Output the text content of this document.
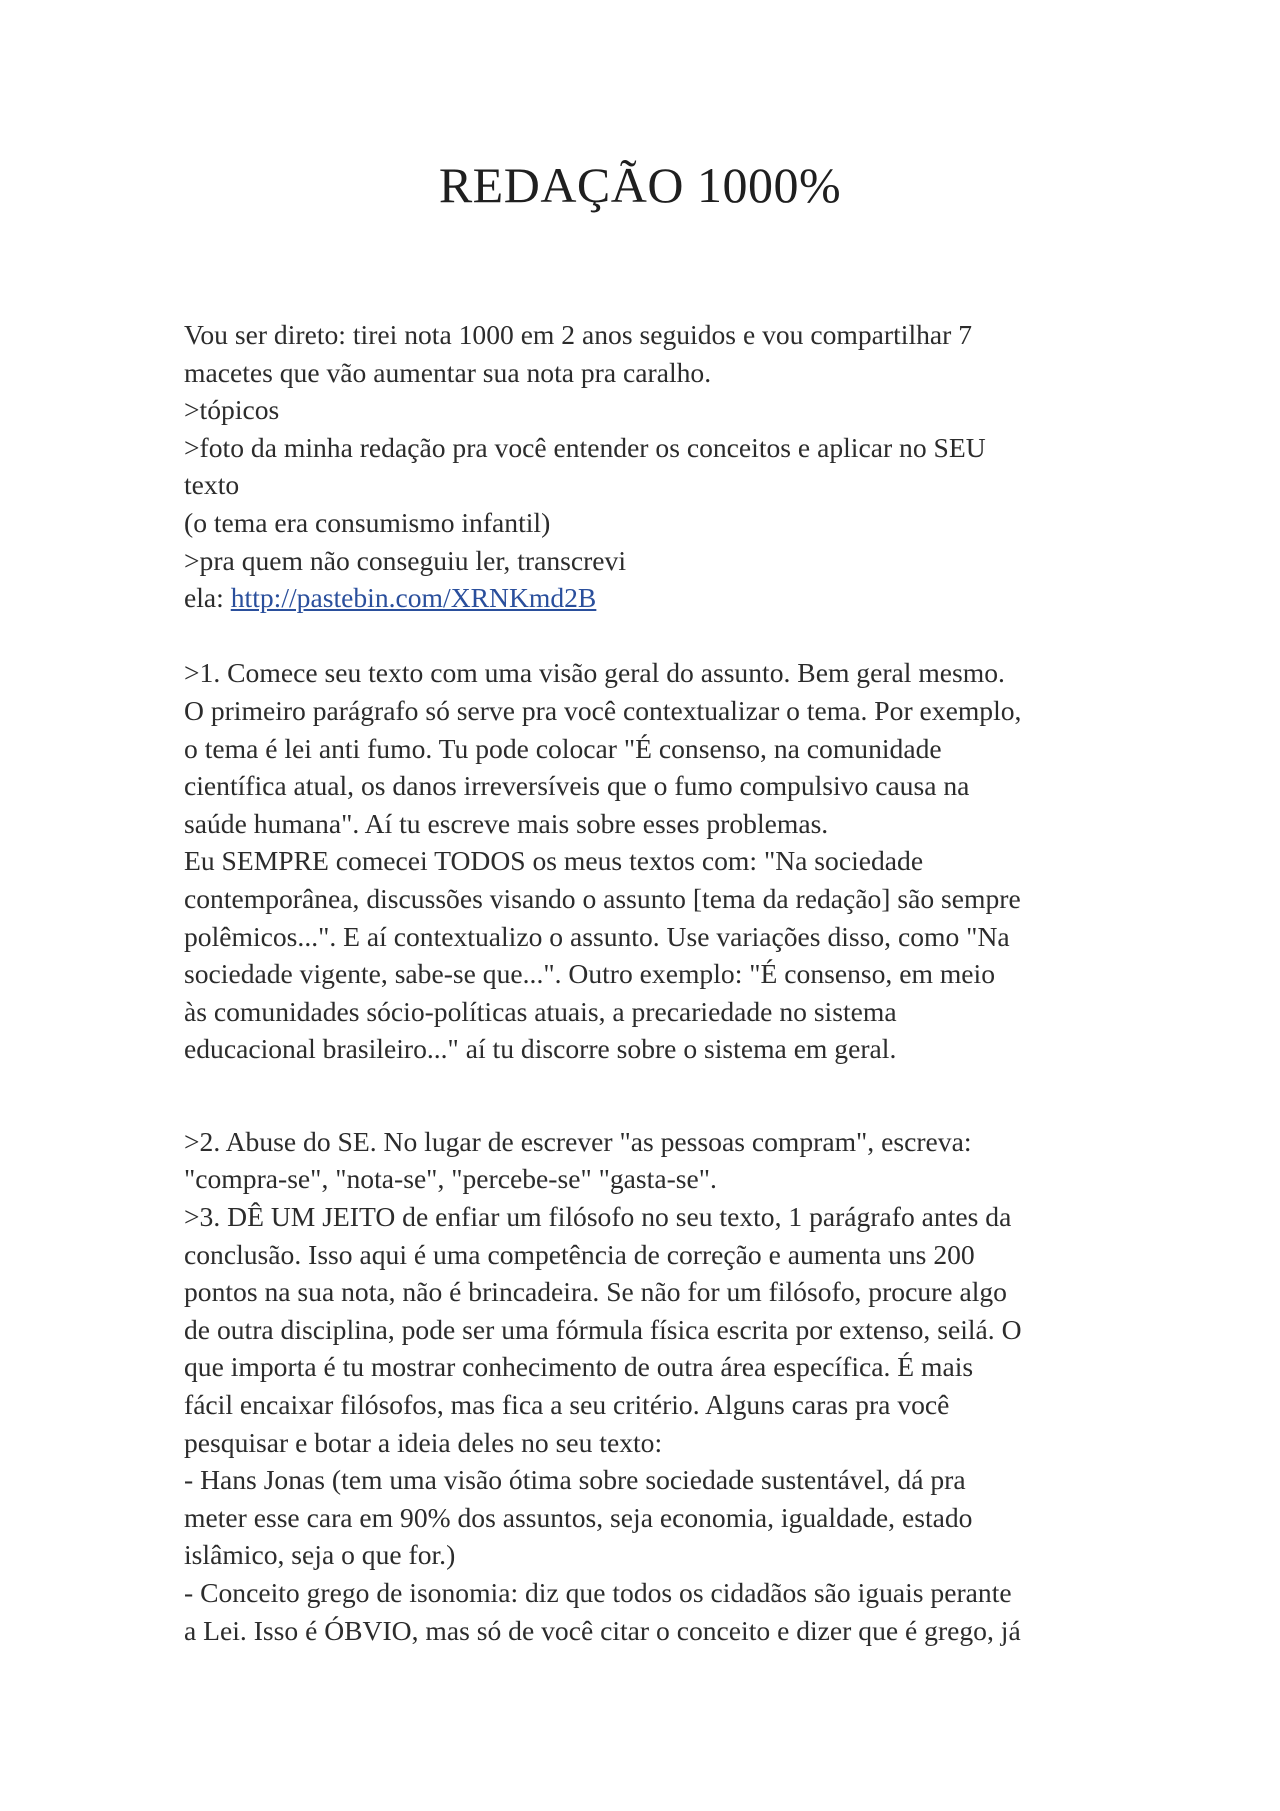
REDAÇÃO 1000%
Vou ser direto: tirei nota 1000 em 2 anos seguidos e vou compartilhar 7
macetes que vão aumentar sua nota pra caralho.
>tópicos
>foto da minha redação pra você entender os conceitos e aplicar no SEU
texto
(o tema era consumismo infantil)
>pra quem não conseguiu ler, transcrevi
ela: http://pastebin.com/XRNKmd2B
>1. Comece seu texto com uma visão geral do assunto. Bem geral mesmo.
O primeiro parágrafo só serve pra você contextualizar o tema. Por exemplo,
o tema é lei anti fumo. Tu pode colocar "É consenso, na comunidade
científica atual, os danos irreversíveis que o fumo compulsivo causa na
saúde humana". Aí tu escreve mais sobre esses problemas.
Eu SEMPRE comecei TODOS os meus textos com: "Na sociedade
contemporânea, discussões visando o assunto [tema da redação] são sempre
polêmicos...". E aí contextualizo o assunto. Use variações disso, como "Na
sociedade vigente, sabe-se que...". Outro exemplo: "É consenso, em meio
às comunidades sócio-políticas atuais, a precariedade no sistema
educacional brasileiro..." aí tu discorre sobre o sistema em geral.
>2. Abuse do SE. No lugar de escrever "as pessoas compram", escreva:
"compra-se", "nota-se", "percebe-se" "gasta-se".
>3. DÊ UM JEITO de enfiar um filósofo no seu texto, 1 parágrafo antes da
conclusão. Isso aqui é uma competência de correção e aumenta uns 200
pontos na sua nota, não é brincadeira. Se não for um filósofo, procure algo
de outra disciplina, pode ser uma fórmula física escrita por extenso, seilá. O
que importa é tu mostrar conhecimento de outra área específica. É mais
fácil encaixar filósofos, mas fica a seu critério. Alguns caras pra você
pesquisar e botar a ideia deles no seu texto:
- Hans Jonas (tem uma visão ótima sobre sociedade sustentável, dá pra
meter esse cara em 90% dos assuntos, seja economia, igualdade, estado
islâmico, seja o que for.)
- Conceito grego de isonomia: diz que todos os cidadãos são iguais perante
a Lei. Isso é ÓBVIO, mas só de você citar o conceito e dizer que é grego, já
